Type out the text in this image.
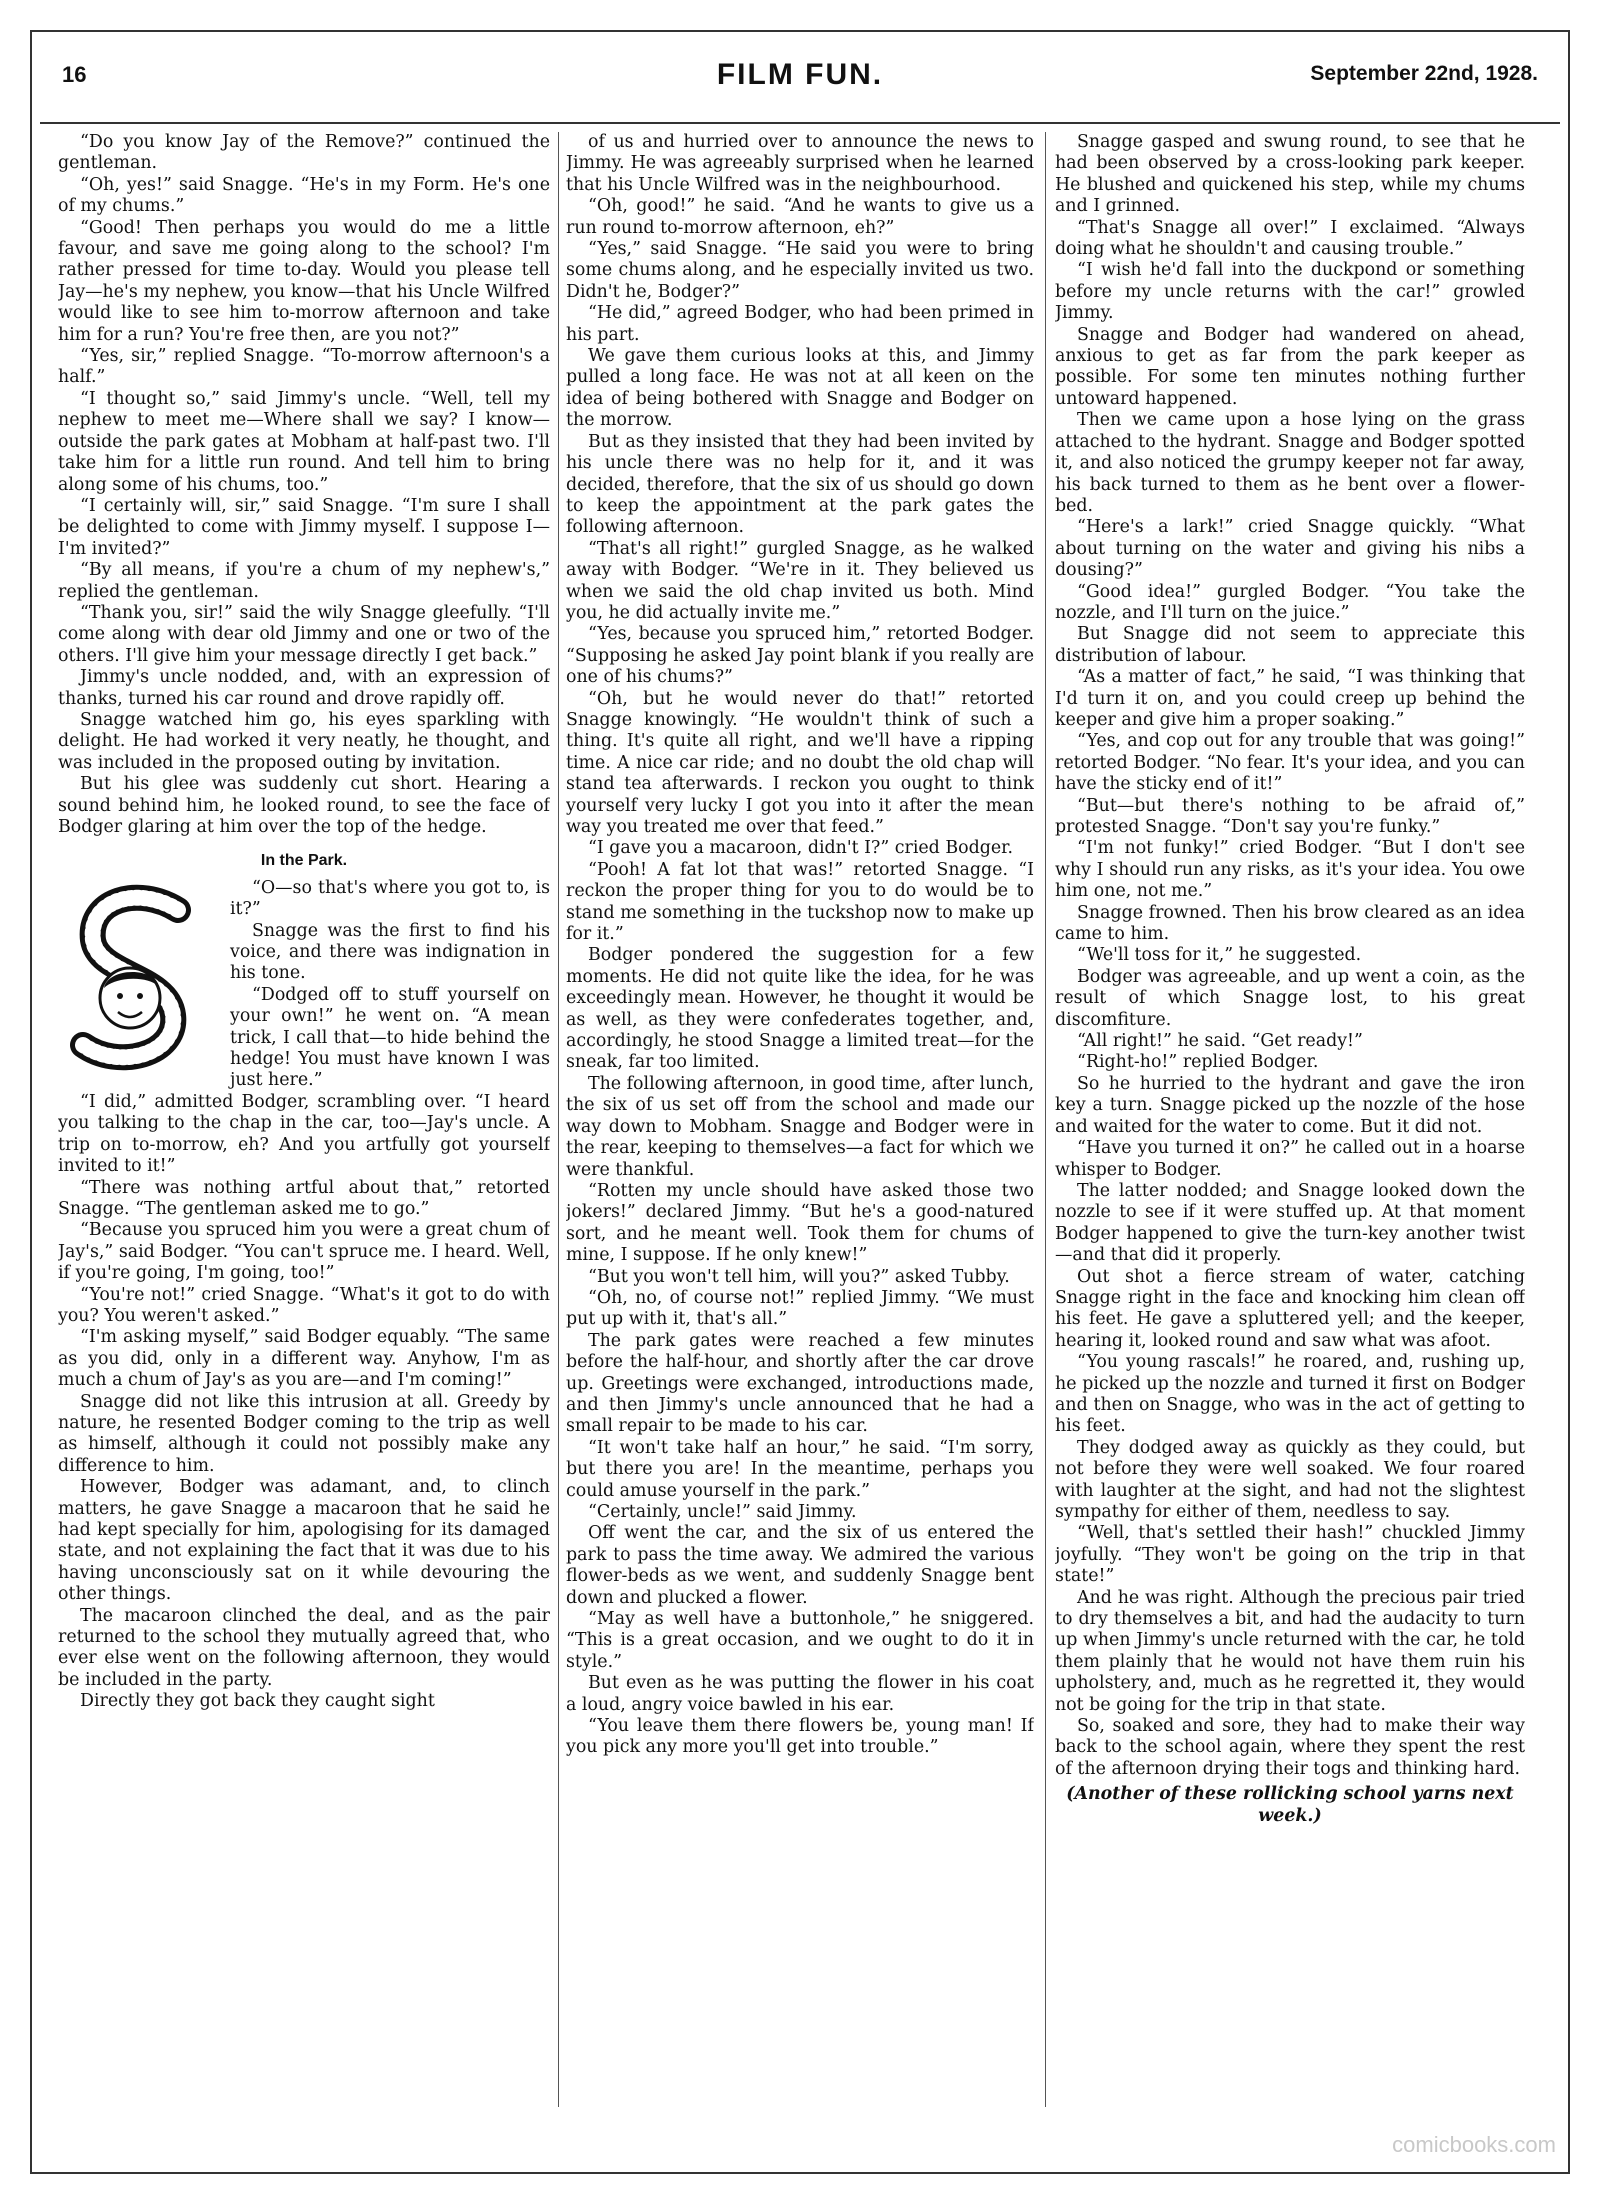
16	FILM FUN.	September 22nd, 1928.

“Do you know Jay of the Remove?” continued the gentleman.

“Oh, yes!” said Snagge. “He's in my Form. He's one of my chums.”

“Good! Then perhaps you would do me a little favour, and save me going along to the school? I'm rather pressed for time to-day. Would you please tell Jay—he's my nephew, you know—that his Uncle Wilfred would like to see him to-morrow afternoon and take him for a run? You're free then, are you not?”

“Yes, sir,” replied Snagge. “To-morrow afternoon's a half.”

“I thought so,” said Jimmy's uncle. “Well, tell my nephew to meet me—Where shall we say? I know—outside the park gates at Mobham at half-past two. I'll take him for a little run round. And tell him to bring along some of his chums, too.”

“I certainly will, sir,” said Snagge. “I'm sure I shall be delighted to come with Jimmy myself. I suppose I—I'm invited?”

“By all means, if you're a chum of my nephew's,” replied the gentleman.

“Thank you, sir!” said the wily Snagge gleefully. “I'll come along with dear old Jimmy and one or two of the others. I'll give him your message directly I get back.”

Jimmy's uncle nodded, and, with an expression of thanks, turned his car round and drove rapidly off.

Snagge watched him go, his eyes sparkling with delight. He had worked it very neatly, he thought, and was included in the proposed outing by invitation.

But his glee was suddenly cut short. Hearing a sound behind him, he looked round, to see the face of Bodger glaring at him over the top of the hedge.

In the Park.
S

“O—so that's where you got to, is it?”

Snagge was the first to find his voice, and there was indignation in his tone.

“Dodged off to stuff yourself on your own!” he went on. “A mean trick, I call that—to hide behind the hedge! You must have known I was just here.”

“I did,” admitted Bodger, scrambling over. “I heard you talking to the chap in the car, too—Jay's uncle. A trip on to-morrow, eh? And you artfully got yourself invited to it!”

“There was nothing artful about that,” retorted Snagge. “The gentleman asked me to go.”

“Because you spruced him you were a great chum of Jay's,” said Bodger. “You can't spruce me. I heard. Well, if you're going, I'm going, too!”

“You're not!” cried Snagge. “What's it got to do with you? You weren't asked.”

“I'm asking myself,” said Bodger equably. “The same as you did, only in a different way. Anyhow, I'm as much a chum of Jay's as you are—and I'm coming!”

Snagge did not like this intrusion at all. Greedy by nature, he resented Bodger coming to the trip as well as himself, although it could not possibly make any difference to him.

However, Bodger was adamant, and, to clinch matters, he gave Snagge a macaroon that he said he had kept specially for him, apologising for its damaged state, and not explaining the fact that it was due to his having unconsciously sat on it while devouring the other things.

The macaroon clinched the deal, and as the pair returned to the school they mutually agreed that, who ever else went on the following afternoon, they would be included in the party.

Directly they got back they caught sight

of us and hurried over to announce the news to Jimmy. He was agreeably surprised when he learned that his Uncle Wilfred was in the neighbourhood.

“Oh, good!” he said. “And he wants to give us a run round to-morrow afternoon, eh?”

“Yes,” said Snagge. “He said you were to bring some chums along, and he especially invited us two. Didn't he, Bodger?”

“He did,” agreed Bodger, who had been primed in his part.

We gave them curious looks at this, and Jimmy pulled a long face. He was not at all keen on the idea of being bothered with Snagge and Bodger on the morrow.

But as they insisted that they had been invited by his uncle there was no help for it, and it was decided, therefore, that the six of us should go down to keep the appointment at the park gates the following afternoon.

“That's all right!” gurgled Snagge, as he walked away with Bodger. “We're in it. They believed us when we said the old chap invited us both. Mind you, he did actually invite me.”

“Yes, because you spruced him,” retorted Bodger. “Supposing he asked Jay point blank if you really are one of his chums?”

“Oh, but he would never do that!” retorted Snagge knowingly. “He wouldn't think of such a thing. It's quite all right, and we'll have a ripping time. A nice car ride; and no doubt the old chap will stand tea afterwards. I reckon you ought to think yourself very lucky I got you into it after the mean way you treated me over that feed.”

“I gave you a macaroon, didn't I?” cried Bodger.

“Pooh! A fat lot that was!” retorted Snagge. “I reckon the proper thing for you to do would be to stand me something in the tuckshop now to make up for it.”

Bodger pondered the suggestion for a few moments. He did not quite like the idea, for he was exceedingly mean. However, he thought it would be as well, as they were confederates together, and, accordingly, he stood Snagge a limited treat—for the sneak, far too limited.

The following afternoon, in good time, after lunch, the six of us set off from the school and made our way down to Mobham. Snagge and Bodger were in the rear, keeping to themselves—a fact for which we were thankful.

“Rotten my uncle should have asked those two jokers!” declared Jimmy. “But he's a good-natured sort, and he meant well. Took them for chums of mine, I suppose. If he only knew!”

“But you won't tell him, will you?” asked Tubby.

“Oh, no, of course not!” replied Jimmy. “We must put up with it, that's all.”

The park gates were reached a few minutes before the half-hour, and shortly after the car drove up. Greetings were exchanged, introductions made, and then Jimmy's uncle announced that he had a small repair to be made to his car.

“It won't take half an hour,” he said. “I'm sorry, but there you are! In the meantime, perhaps you could amuse yourself in the park.”

“Certainly, uncle!” said Jimmy.

Off went the car, and the six of us entered the park to pass the time away. We admired the various flower-beds as we went, and suddenly Snagge bent down and plucked a flower.

“May as well have a buttonhole,” he sniggered. “This is a great occasion, and we ought to do it in style.”

But even as he was putting the flower in his coat a loud, angry voice bawled in his ear.

“You leave them there flowers be, young man! If you pick any more you'll get into trouble.”

Snagge gasped and swung round, to see that he had been observed by a cross-looking park keeper. He blushed and quickened his step, while my chums and I grinned.

“That's Snagge all over!” I exclaimed. “Always doing what he shouldn't and causing trouble.”

“I wish he'd fall into the duckpond or something before my uncle returns with the car!” growled Jimmy.

Snagge and Bodger had wandered on ahead, anxious to get as far from the park keeper as possible. For some ten minutes nothing further untoward happened.

Then we came upon a hose lying on the grass attached to the hydrant. Snagge and Bodger spotted it, and also noticed the grumpy keeper not far away, his back turned to them as he bent over a flower-bed.

“Here's a lark!” cried Snagge quickly. “What about turning on the water and giving his nibs a dousing?”

“Good idea!” gurgled Bodger. “You take the nozzle, and I'll turn on the juice.”

But Snagge did not seem to appreciate this distribution of labour.

“As a matter of fact,” he said, “I was thinking that I'd turn it on, and you could creep up behind the keeper and give him a proper soaking.”

“Yes, and cop out for any trouble that was going!” retorted Bodger. “No fear. It's your idea, and you can have the sticky end of it!”

“But—but there's nothing to be afraid of,” protested Snagge. “Don't say you're funky.”

“I'm not funky!” cried Bodger. “But I don't see why I should run any risks, as it's your idea. You owe him one, not me.”

Snagge frowned. Then his brow cleared as an idea came to him.

“We'll toss for it,” he suggested.

Bodger was agreeable, and up went a coin, as the result of which Snagge lost, to his great discomfiture.

“All right!” he said. “Get ready!”

“Right-ho!” replied Bodger.

So he hurried to the hydrant and gave the iron key a turn. Snagge picked up the nozzle of the hose and waited for the water to come. But it did not.

“Have you turned it on?” he called out in a hoarse whisper to Bodger.

The latter nodded; and Snagge looked down the nozzle to see if it were stuffed up. At that moment Bodger happened to give the turn-key another twist—and that did it properly.

Out shot a fierce stream of water, catching Snagge right in the face and knocking him clean off his feet. He gave a spluttered yell; and the keeper, hearing it, looked round and saw what was afoot.

“You young rascals!” he roared, and, rushing up, he picked up the nozzle and turned it first on Bodger and then on Snagge, who was in the act of getting to his feet.

They dodged away as quickly as they could, but not before they were well soaked. We four roared with laughter at the sight, and had not the slightest sympathy for either of them, needless to say.

“Well, that's settled their hash!” chuckled Jimmy joyfully. “They won't be going on the trip in that state!”

And he was right. Although the precious pair tried to dry themselves a bit, and had the audacity to turn up when Jimmy's uncle returned with the car, he told them plainly that he would not have them ruin his upholstery, and, much as he regretted it, they would not be going for the trip in that state.

So, soaked and sore, they had to make their way back to the school again, where they spent the rest of the afternoon drying their togs and thinking hard.

(Another of these rollicking school yarns next week.)
comicbooks.com
